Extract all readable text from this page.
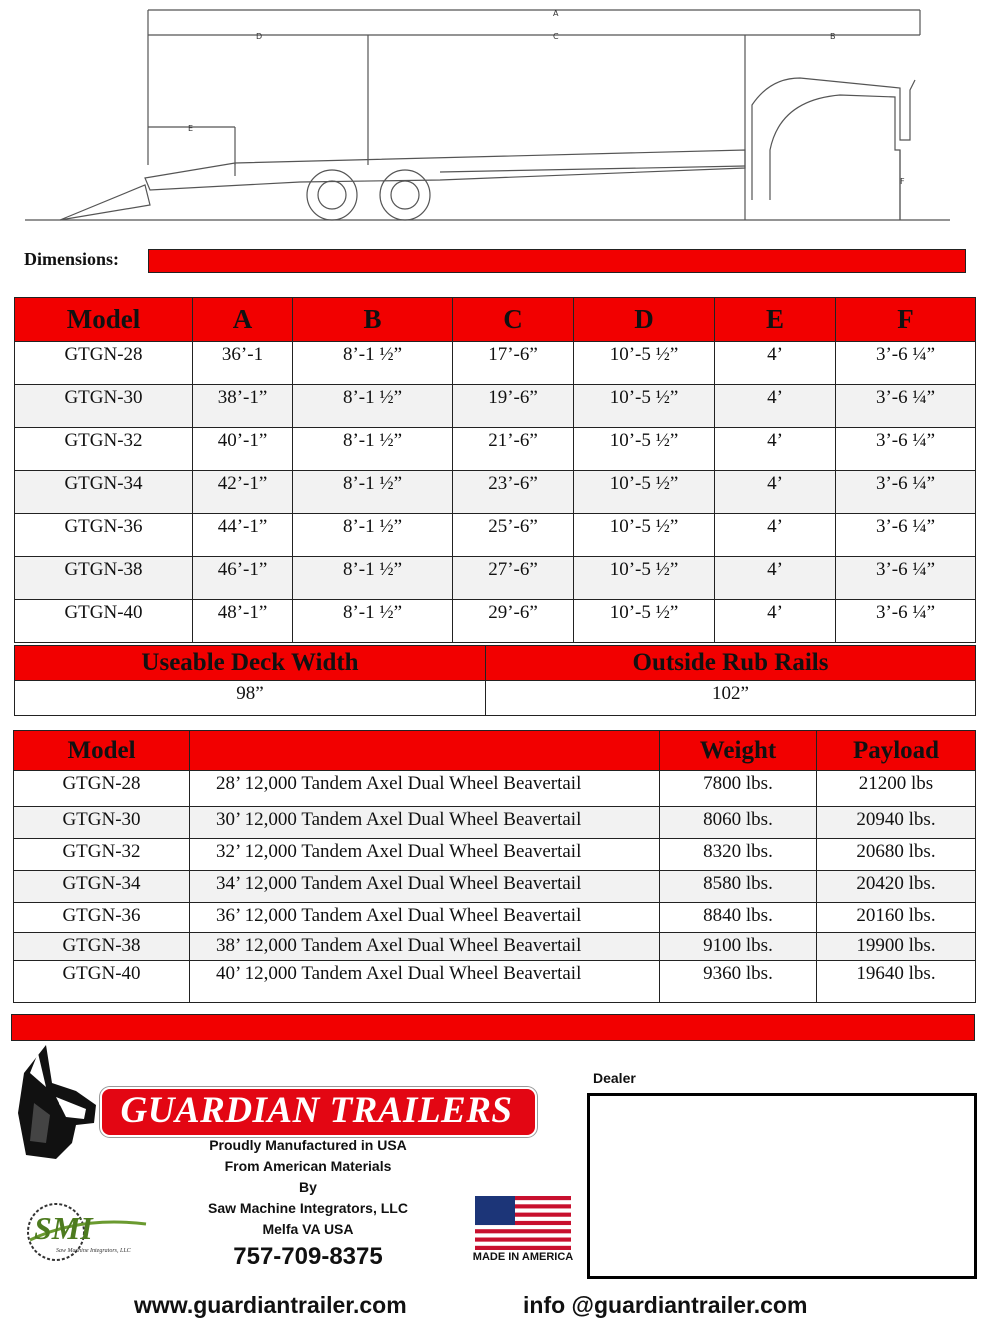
A
C
D	B
E
F
Dimensions:
Model	A	B	C	D	E	F
GTGN-28	36’-1	8’-1 ½”	17’-6”	10’-5 ½”	4’	3’-6 ¼”
GTGN-30	38’-1”	8’-1 ½”	19’-6”	10’-5 ½”	4’	3’-6 ¼”
GTGN-32	40’-1”	8’-1 ½”	21’-6”	10’-5 ½”	4’	3’-6 ¼”
GTGN-34	42’-1”	8’-1 ½”	23’-6”	10’-5 ½”	4’	3’-6 ¼”
GTGN-36	44’-1”	8’-1 ½”	25’-6”	10’-5 ½”	4’	3’-6 ¼”
GTGN-38	46’-1”	8’-1 ½”	27’-6”	10’-5 ½”	4’	3’-6 ¼”
GTGN-40	48’-1”	8’-1 ½”	29’-6”	10’-5 ½”	4’	3’-6 ¼”
Useable Deck Width	Outside Rub Rails
98”	102”
Model		Weight	Payload
GTGN-28	28’ 12,000 Tandem Axel Dual Wheel Beavertail	7800 lbs.	21200 lbs
GTGN-30	30’ 12,000 Tandem Axel Dual Wheel Beavertail	8060 lbs.	20940 lbs.
GTGN-32	32’ 12,000 Tandem Axel Dual Wheel Beavertail	8320 lbs.	20680 lbs.
GTGN-34	34’ 12,000 Tandem Axel Dual Wheel Beavertail	8580 lbs.	20420 lbs.
GTGN-36	36’ 12,000 Tandem Axel Dual Wheel Beavertail	8840 lbs.	20160 lbs.
GTGN-38	38’ 12,000 Tandem Axel Dual Wheel Beavertail	9100 lbs.	19900 lbs.
GTGN-40	40’ 12,000 Tandem Axel Dual Wheel Beavertail	9360 lbs.	19640 lbs.
GUARDIAN TRAILERS
Proudly Manufactured in USA
From American Materials
By
Saw Machine Integrators, LLC
Melfa VA USA
757-709-8375
SMI
Saw Machine Integrators, LLC	MADE IN AMERICA
Dealer
www.guardiantrailer.com	info @guardiantrailer.com
